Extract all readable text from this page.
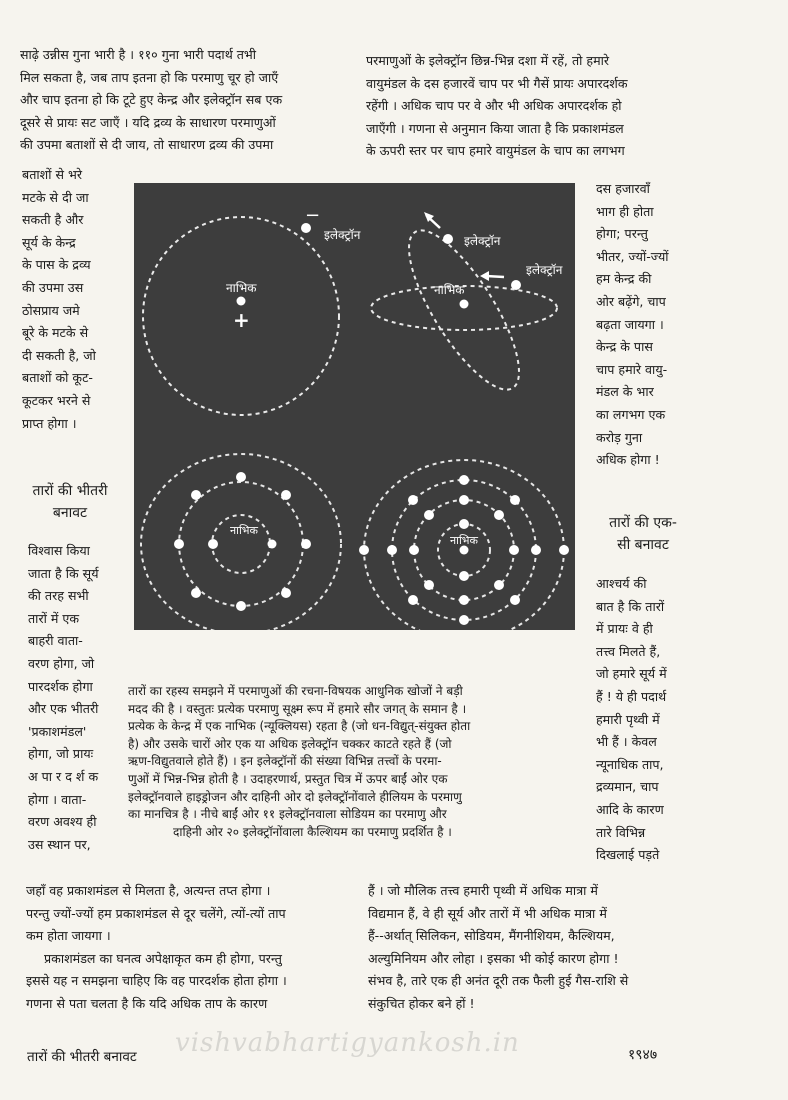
साढ़े उन्नीस गुना भारी है । ११० गुना भारी पदार्थ तभी
मिल सकता है, जब ताप इतना हो कि परमाणु चूर हो जाएँ
और चाप इतना हो कि टूटे हुए केन्द्र और इलेक्ट्रॉन सब एक
दूसरे से प्रायः सट जाएँ । यदि द्रव्य के साधारण परमाणुओं
की उपमा बताशों से दी जाय, तो साधारण द्रव्य की उपमा
परमाणुओं के इलेक्ट्रॉन छिन्न-भिन्न दशा में रहें, तो हमारे
वायुमंडल के दस हजारवें चाप पर भी गैसें प्रायः अपारदर्शक
रहेंगी । अधिक चाप पर वे और भी अधिक अपारदर्शक हो
जाएँगी । गणना से अनुमान किया जाता है कि प्रकाशमंडल
के ऊपरी स्तर पर चाप हमारे वायुमंडल के चाप का लगभग
बताशों से भरे
मटके से दी जा
सकती है और
सूर्य के केन्द्र
के पास के द्रव्य
की उपमा उस
ठोसप्राय जमे
बूरे के मटके से
दी सकती है, जो
बताशों को कूट-
कूटकर भरने से
प्राप्त होगा ।
तारों की भीतरी
बनावट
विश्वास किया
जाता है कि सूर्य
की तरह सभी
तारों में एक
बाहरी वाता-
वरण होगा, जो
पारदर्शक होगा
और एक भीतरी
'प्रकाशमंडल'
होगा, जो प्रायः
अ पा र द र्श क
होगा । वाता-
वरण अवश्य ही
उस स्थान पर,
दस हजारवाँ
भाग ही होता
होगा; परन्तु
भीतर, ज्यों-ज्यों
हम केन्द्र की
ओर बढ़ेंगे, चाप
बढ़ता जायगा ।
केन्द्र के पास
चाप हमारे वायु-
मंडल के भार
का लगभग एक
करोड़ गुना
अधिक होगा !
तारों की एक-
सी बनावट
आश्चर्य की
बात है कि तारों
में प्रायः वे ही
तत्त्व मिलते हैं,
जो हमारे सूर्य में
हैं ! ये ही पदार्थ
हमारी पृथ्वी में
भी हैं । केवल
न्यूनाधिक ताप,
द्रव्यमान, चाप
आदि के कारण
तारे विभिन्न
दिखलाई पड़ते
इलेक्ट्रॉन
−
नाभिक
+
नाभिक
इलेक्ट्रॉन
इलेक्ट्रॉन
नाभिक
नाभिक
तारों का रहस्य समझने में परमाणुओं की रचना-विषयक आधुनिक खोजों ने बड़ी
मदद की है । वस्तुतः प्रत्येक परमाणु सूक्ष्म रूप में हमारे सौर जगत् के समान है ।
प्रत्येक के केन्द्र में एक नाभिक (न्यूक्लियस) रहता है (जो धन-विद्युत्-संयुक्त होता
है) और उसके चारों ओर एक या अधिक इलेक्ट्रॉन चक्कर काटते रहते हैं (जो
ऋण-विद्युतवाले होते हैं) । इन इलेक्ट्रॉनों की संख्या विभिन्न तत्त्वों के परमा-
णुओं में भिन्न-भिन्न होती है । उदाहरणार्थ, प्रस्तुत चित्र में ऊपर बाईं ओर एक
इलेक्ट्रॉनवाले हाइड्रोजन और दाहिनी ओर दो इलेक्ट्रॉनोंवाले हीलियम के परमाणु
का मानचित्र है । नीचे बाईं ओर ११ इलेक्ट्रॉनवाला सोडियम का परमाणु और
दाहिनी ओर २० इलेक्ट्रॉनोंवाला कैल्शियम का परमाणु प्रदर्शित है ।
जहाँ वह प्रकाशमंडल से मिलता है, अत्यन्त तप्त होगा ।
परन्तु ज्यों-ज्यों हम प्रकाशमंडल से दूर चलेंगे, त्यों-त्यों ताप
कम होता जायगा ।
प्रकाशमंडल का घनत्व अपेक्षाकृत कम ही होगा, परन्तु
इससे यह न समझना चाहिए कि वह पारदर्शक होता होगा ।
गणना से पता चलता है कि यदि अधिक ताप के कारण
हैं । जो मौलिक तत्त्व हमारी पृथ्वी में अधिक मात्रा में
विद्यमान हैं, वे ही सूर्य और तारों में भी अधिक मात्रा में
हैं--अर्थात् सिलिकन, सोडियम, मैंगनीशियम, कैल्शियम,
अल्युमिनियम और लोहा । इसका भी कोई कारण होगा !
संभव है, तारे एक ही अनंत दूरी तक फैली हुई गैस-राशि से
संकुचित होकर बने हों !
vishvabhartigyankosh.in
तारों की भीतरी बनावट	१९४७
